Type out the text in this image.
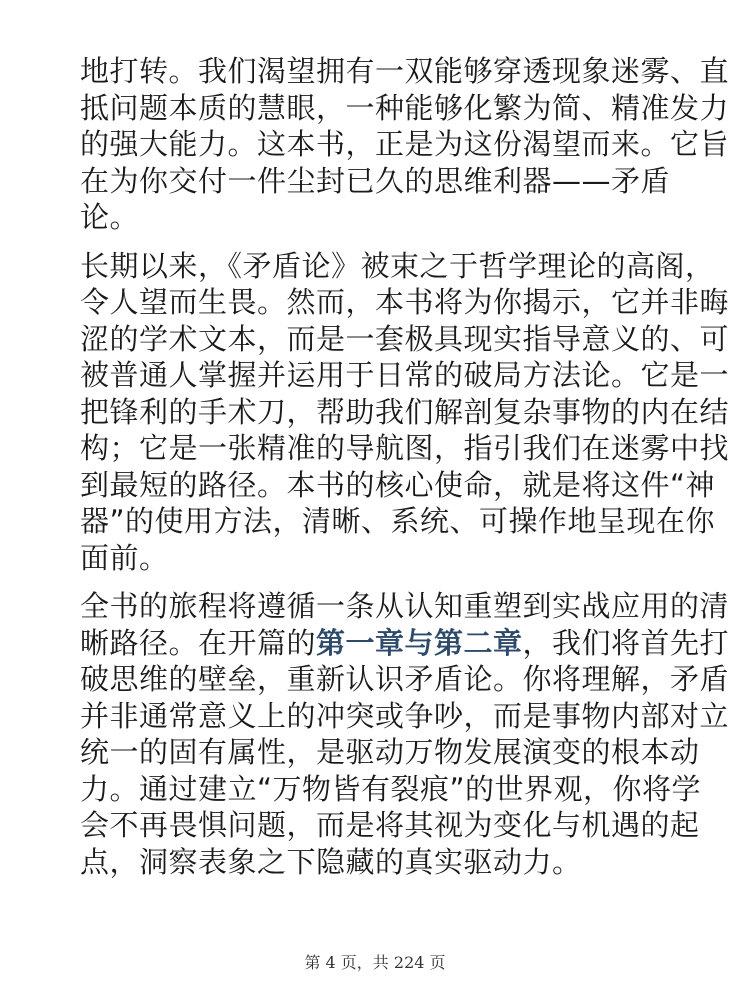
地打转。我们渴望拥有一双能够穿透现象迷雾、直
抵问题本质的慧眼，一种能够化繁为简、精准发力
的强大能力。这本书，正是为这份渴望而来。它旨
在为你交付一件尘封已久的思维利器——矛盾
论。

长期以来，《矛盾论》被束之于哲学理论的高阁，
令人望而生畏。然而，本书将为你揭示，它并非晦
涩的学术文本，而是一套极具现实指导意义的、可
被普通人掌握并运用于日常的破局方法论。它是一
把锋利的手术刀，帮助我们解剖复杂事物的内在结
构；它是一张精准的导航图，指引我们在迷雾中找
到最短的路径。本书的核心使命，就是将这件“神
器”的使用方法，清晰、系统、可操作地呈现在你
面前。

全书的旅程将遵循一条从认知重塑到实战应用的清
晰路径。在开篇的第一章与第二章，我们将首先打
破思维的壁垒，重新认识矛盾论。你将理解，矛盾
并非通常意义上的冲突或争吵，而是事物内部对立
统一的固有属性，是驱动万物发展演变的根本动
力。通过建立“万物皆有裂痕”的世界观，你将学
会不再畏惧问题，而是将其视为变化与机遇的起
点，洞察表象之下隐藏的真实驱动力。

第 4 页，共 224 页
